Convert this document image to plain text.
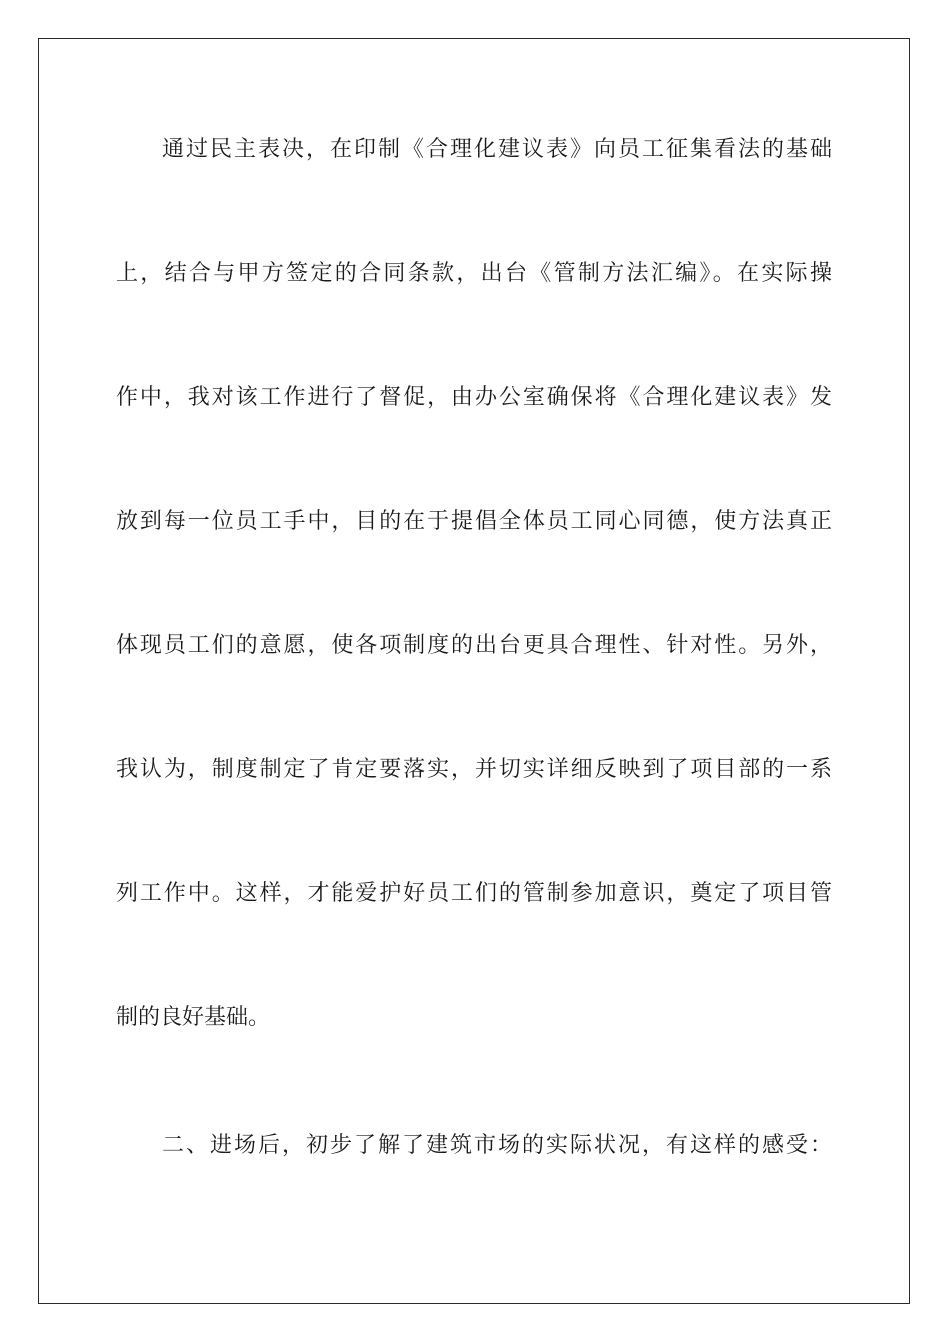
通过民主表决，在印制《合理化建议表》向员工征集看法的基础
上，结合与甲方签定的合同条款，出台《管制方法汇编》。在实际操
作中，我对该工作进行了督促，由办公室确保将《合理化建议表》发
放到每一位员工手中，目的在于提倡全体员工同心同德，使方法真正
体现员工们的意愿，使各项制度的出台更具合理性、针对性。另外，
我认为，制度制定了肯定要落实，并切实详细反映到了项目部的一系
列工作中。这样，才能爱护好员工们的管制参加意识，奠定了项目管
制的良好基础。
二、进场后，初步了解了建筑市场的实际状况，有这样的感受：
